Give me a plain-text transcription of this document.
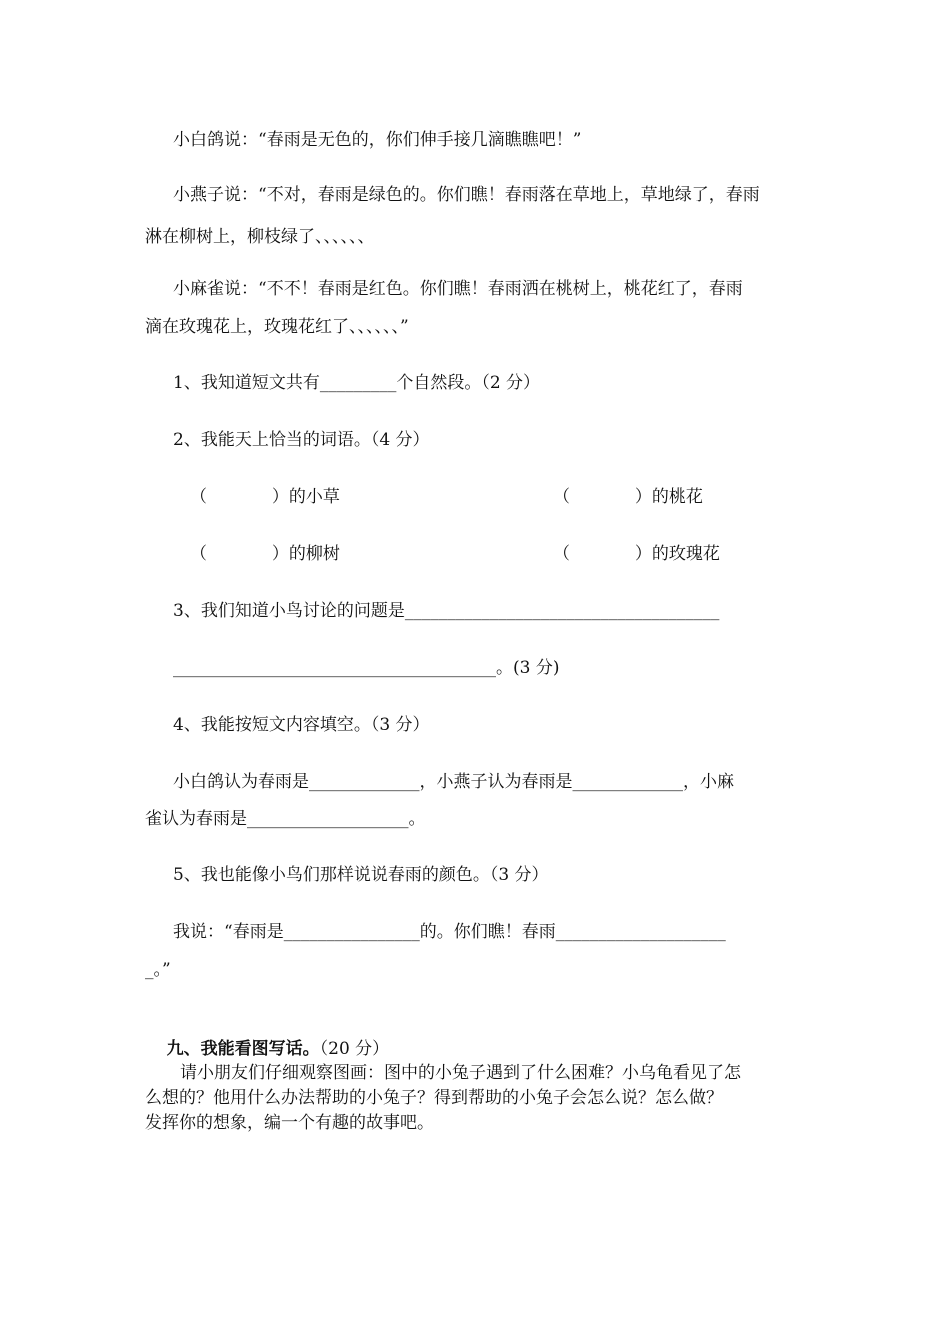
小白鸽说：“春雨是无色的，你们伸手接几滴瞧瞧吧！”
小燕子说：“不对，春雨是绿色的。你们瞧！春雨落在草地上，草地绿了，春雨
淋在柳树上，柳枝绿了、、、、、、
小麻雀说：“不不！春雨是红色。你们瞧！春雨洒在桃树上，桃花红了，春雨
滴在玫瑰花上，玫瑰花红了、、、、、、”
1、我知道短文共有_________个自然段。（2 分）
2、我能天上恰当的词语。（4 分）
（            ）的小草	（            ）的桃花
（            ）的柳树	（            ）的玫瑰花
3、我们知道小鸟讨论的问题是_____________________________________
______________________________________。(3 分)
4、我能按短文内容填空。（3 分）
小白鸽认为春雨是_____________，小燕子认为春雨是_____________，小麻
雀认为春雨是___________________。
5、我也能像小鸟们那样说说春雨的颜色。（3 分）
我说：“春雨是________________的。你们瞧！春雨____________________
_。”

九、我能看图写话。（20 分）

请小朋友们仔细观察图画：图中的小兔子遇到了什么困难？小乌龟看见了怎
么想的？他用什么办法帮助的小兔子？得到帮助的小兔子会怎么说？怎么做？
发挥你的想象，编一个有趣的故事吧。
